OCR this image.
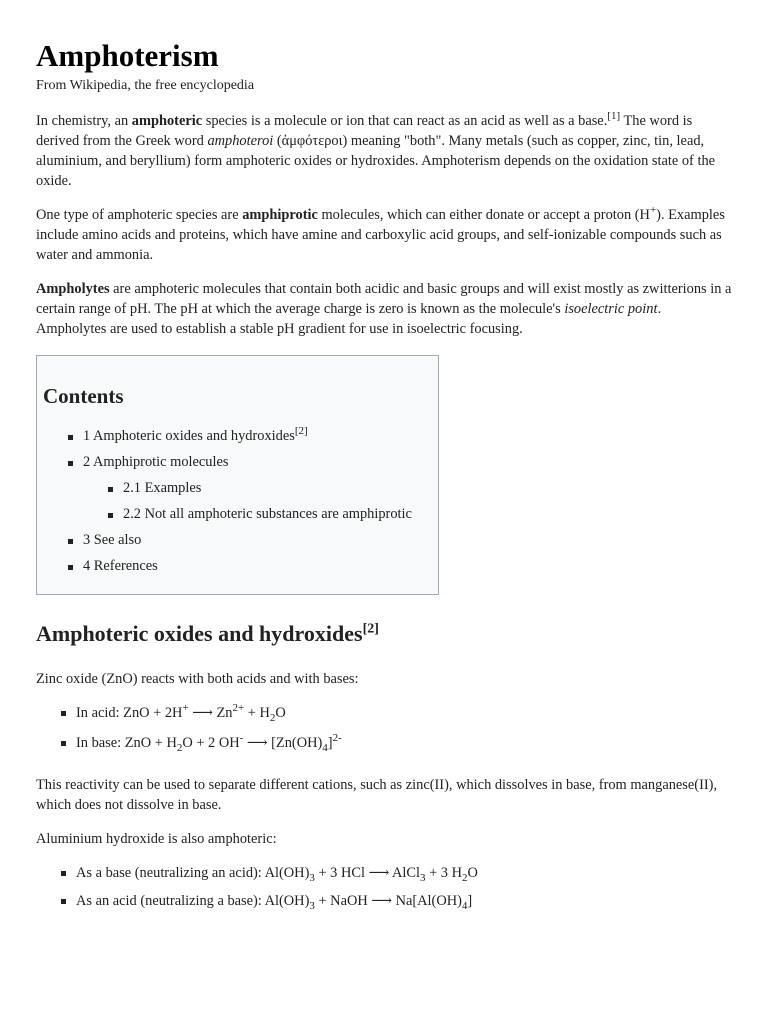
Amphoterism
From Wikipedia, the free encyclopedia

In chemistry, an amphoteric species is a molecule or ion that can react as an acid as well as a base.[1] The word is derived from the Greek word amphoteroi (ἀμφότεροι) meaning "both". Many metals (such as copper, zinc, tin, lead, aluminium, and beryllium) form amphoteric oxides or hydroxides. Amphoterism depends on the oxidation state of the oxide.

One type of amphoteric species are amphiprotic molecules, which can either donate or accept a proton (H+). Examples include amino acids and proteins, which have amine and carboxylic acid groups, and self-ionizable compounds such as water and ammonia.

Ampholytes are amphoteric molecules that contain both acidic and basic groups and will exist mostly as zwitterions in a certain range of pH. The pH at which the average charge is zero is known as the molecule's isoelectric point. Ampholytes are used to establish a stable pH gradient for use in isoelectric focusing.

Contents
1 Amphoteric oxides and hydroxides[2]
2 Amphiprotic molecules
2.1 Examples
2.2 Not all amphoteric substances are amphiprotic
3 See also
4 References
Amphoteric oxides and hydroxides[2]

Zinc oxide (ZnO) reacts with both acids and with bases:

In acid: ZnO + 2H+ ⟶ $Zn^{2+} + H_2O$
In base: ZnO + $H_2O + 2$ OH- ⟶ $[Zn(OH)_4]^{2-}$

This reactivity can be used to separate different cations, such as zinc(II), which dissolves in base, from manganese(II), which does not dissolve in base.

Aluminium hydroxide is also amphoteric:

As a base (neutralizing an acid): $Al(OH)_3 + 3$ HCl ⟶ AlCl$_3$ + 3 $H_2O$
As an acid (neutralizing a base): $Al(OH)_3$ + NaOH ⟶ $Na[Al(OH)_4]$
